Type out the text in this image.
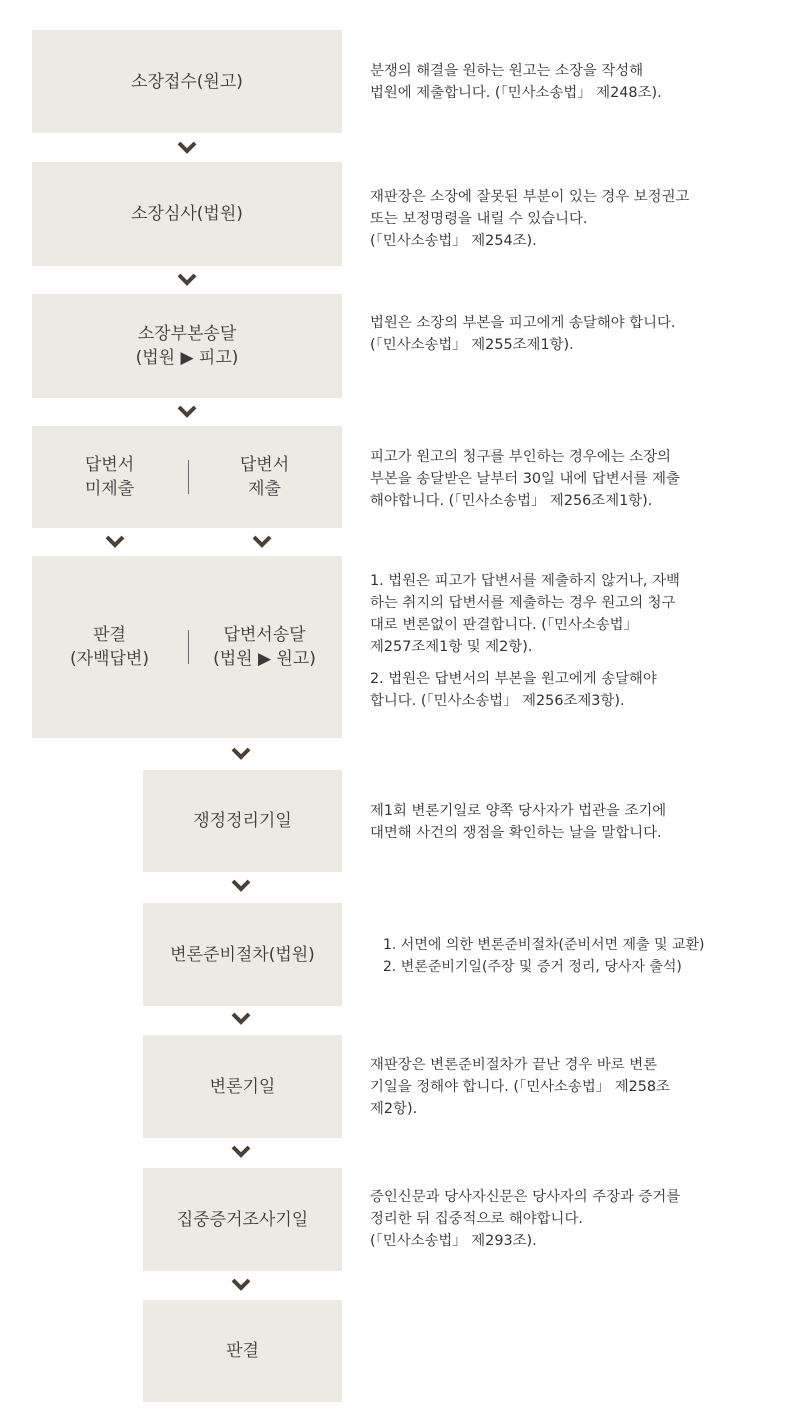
소장접수(원고)
분쟁의 해결을 원하는 원고는 소장을 작성해
법원에 제출합니다. (「민사소송법」 제248조).
소장심사(법원)
재판장은 소장에 잘못된 부분이 있는 경우 보정권고
또는 보정명령을 내릴 수 있습니다.
(「민사소송법」 제254조).
소장부본송달
(법원 ▶ 피고)
법원은 소장의 부본을 피고에게 송달해야 합니다.
(「민사소송법」 제255조제1항).
답변서
미제출
답변서
제출
피고가 원고의 청구를 부인하는 경우에는 소장의
부본을 송달받은 날부터 30일 내에 답변서를 제출
해야합니다. (「민사소송법」 제256조제1항).
판결
(자백답변)
답변서송달
(법원 ▶ 원고)
1. 법원은 피고가 답변서를 제출하지 않거나, 자백
하는 취지의 답변서를 제출하는 경우 원고의 청구
대로 변론없이 판결합니다. (「민사소송법」
제257조제1항 및 제2항).
2. 법원은 답변서의 부본을 원고에게 송달해야
합니다. (「민사소송법」 제256조제3항).
쟁정정리기일	제1회 변론기일로 양쪽 당사자가 법관을 조기에
대면해 사건의 쟁점을 확인하는 날을 말합니다.
변론준비절차(법원)	1. 서면에 의한 변론준비절차(준비서면 제출 및 교환)
2. 변론준비기일(주장 및 증거 정리, 당사자 출석)
변론기일
재판장은 변론준비절차가 끝난 경우 바로 변론
기일을 정해야 합니다. (「민사소송법」 제258조
제2항).
집중증거조사기일
증인신문과 당사자신문은 당사자의 주장과 증거를
정리한 뒤 집중적으로 해야합니다.
(「민사소송법」 제293조).
판결
